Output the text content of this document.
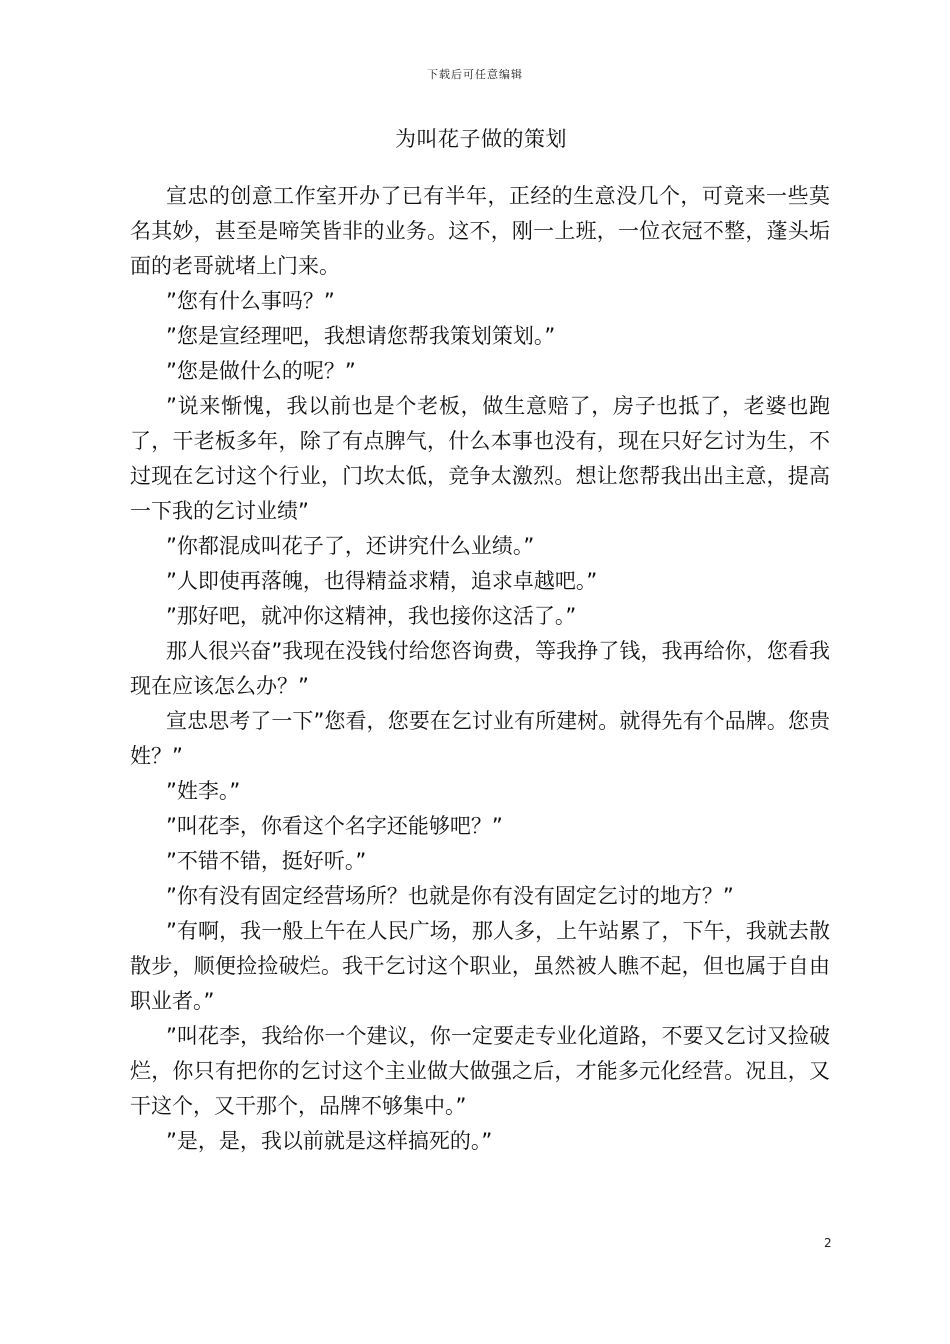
下载后可任意编辑
为叫花子做的策划

宣忠的创意工作室开办了已有半年，正经的生意没几个，可竟来一些莫名其妙，甚至是啼笑皆非的业务。这不，刚一上班，一位衣冠不整，蓬头垢面的老哥就堵上门来。

”您有什么事吗？”

”您是宣经理吧，我想请您帮我策划策划。”

”您是做什么的呢？”

”说来惭愧，我以前也是个老板，做生意赔了，房子也抵了，老婆也跑了，干老板多年，除了有点脾气，什么本事也没有，现在只好乞讨为生，不过现在乞讨这个行业，门坎太低，竞争太激烈。想让您帮我出出主意，提高一下我的乞讨业绩”

”你都混成叫花子了，还讲究什么业绩。”

”人即使再落魄，也得精益求精，追求卓越吧。”

”那好吧，就冲你这精神，我也接你这活了。”

那人很兴奋”我现在没钱付给您咨询费，等我挣了钱，我再给你，您看我现在应该怎么办？”

宣忠思考了一下”您看，您要在乞讨业有所建树。就得先有个品牌。您贵姓？”

”姓李。”

”叫花李，你看这个名字还能够吧？”

”不错不错，挺好听。”

”你有没有固定经营场所？也就是你有没有固定乞讨的地方？”

”有啊，我一般上午在人民广场，那人多，上午站累了，下午，我就去散散步，顺便捡捡破烂。我干乞讨这个职业，虽然被人瞧不起，但也属于自由职业者。”

”叫花李，我给你一个建议，你一定要走专业化道路，不要又乞讨又捡破烂，你只有把你的乞讨这个主业做大做强之后，才能多元化经营。况且，又干这个，又干那个，品牌不够集中。”

”是，是，我以前就是这样搞死的。”

2
